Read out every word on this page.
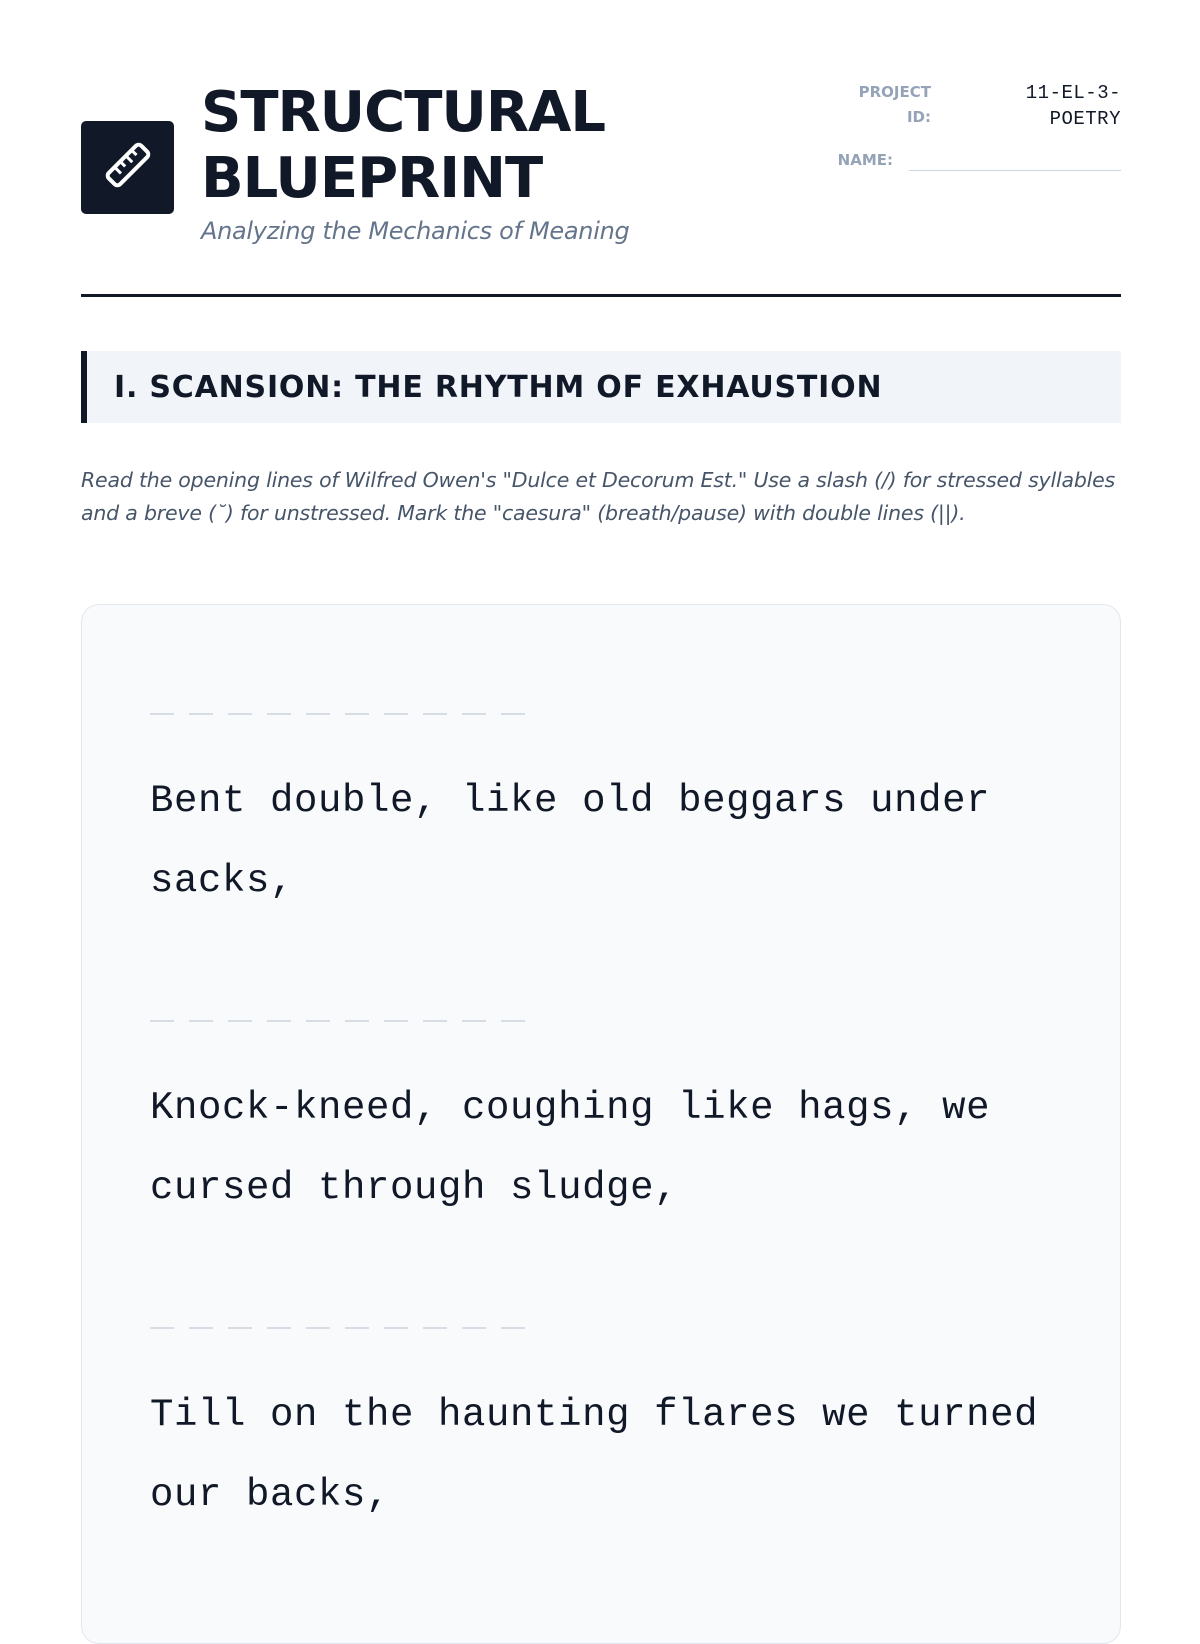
STRUCTURAL BLUEPRINT
Analyzing the Mechanics of Meaning
PROJECT ID:
11-EL-3-POETRY
NAME:
I. SCANSION: THE RHYTHM OF EXHAUSTION

Read the opening lines of Wilfred Owen's "Dulce et Decorum Est." Use a slash (/) for stressed syllables and a breve (˘) for unstressed. Mark the "caesura" (breath/pause) with double lines (||).

Bent double, like old beggars under sacks,

Knock-kneed, coughing like hags, we cursed through sludge,

Till on the haunting flares we turned our backs,
